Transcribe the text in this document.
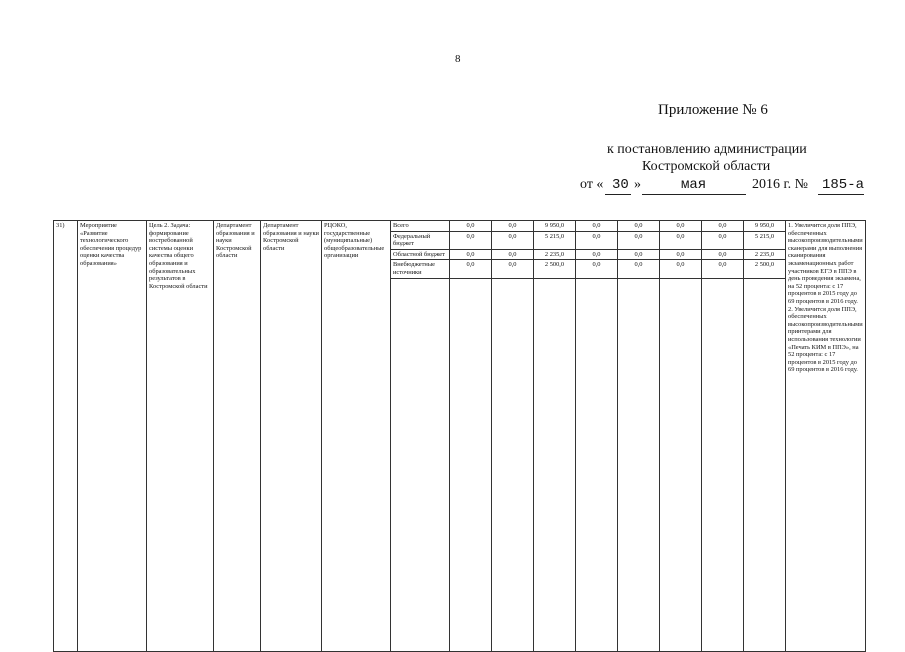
8
Приложение № 6
к постановлению администрации
Костромской области
от « 30 »	мая	2016 г. № 185-а
31)	Мероприятие «Развитие технологического обеспечения процедур оценки качества образования»	Цель 2. Задача: формирование востребованной системы оценки качества общего образования и образовательных результатов в Костромской области	Департамент образования и науки Костромской области	Департамент образования и науки Костромской области	РЦОКО, государственные (муниципальные) общеобразовательные организации	Всего	0,0	0,0	9 950,0	0,0	0,0	0,0	0,0	9 950,0	1. Увеличится доля ППЭ, обеспеченных высокопроизводительными сканерами для выполнения сканирования экзаменационных работ участников ЕГЭ в ППЭ в день проведения экзамена, на 52 процента: с 17 процентов в 2015 году до 69 процентов в 2016 году. 2. Увеличится доля ППЭ, обеспеченных высокопроизводительными принтерами для использования технологии «Печать КИМ в ППЭ», на 52 процента: с 17 процентов в 2015 году до 69 процентов в 2016 году.
						Федеральный бюджет	0,0	0,0	5 215,0	0,0	0,0	0,0	0,0	5 215,0	
						Областной бюджет	0,0	0,0	2 235,0	0,0	0,0	0,0	0,0	2 235,0	
						Внебюджетные источники	0,0	0,0	2 500,0	0,0	0,0	0,0	0,0	2 500,0	
